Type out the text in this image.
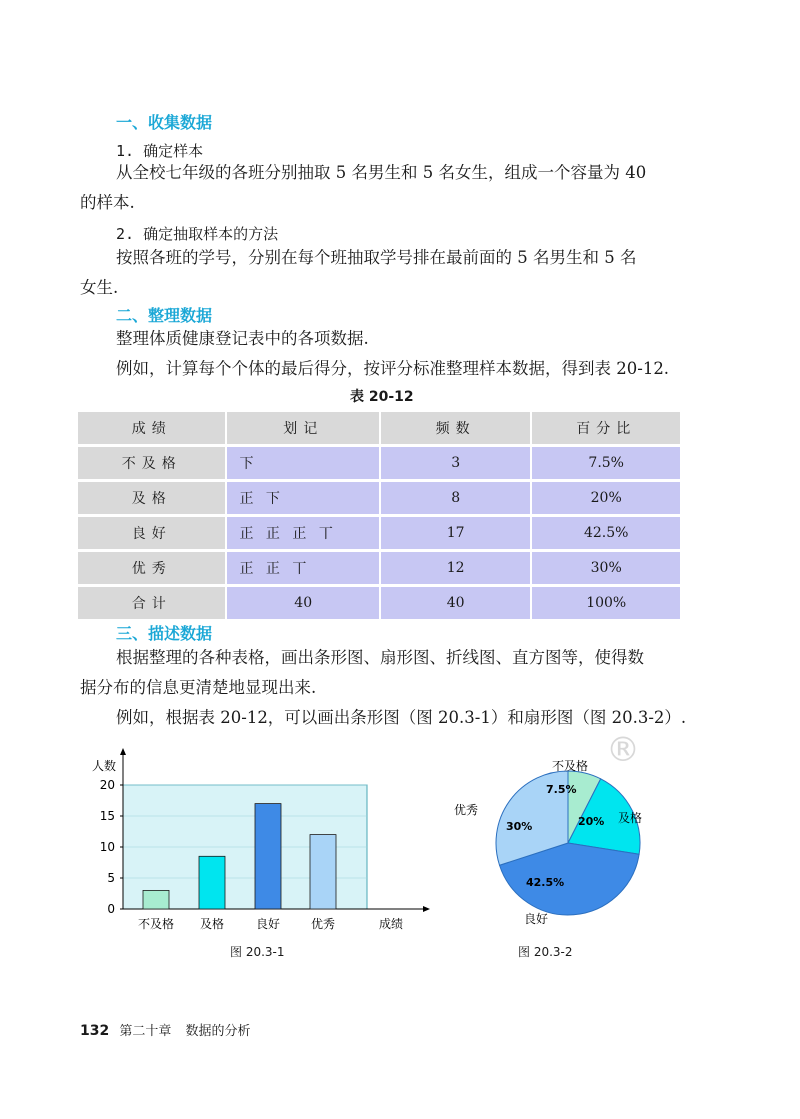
一、收集数据
1. 确定样本
从全校七年级的各班分别抽取 5 名男生和 5 名女生，组成一个容量为 40
的样本.
2. 确定抽取样本的方法
按照各班的学号，分别在每个班抽取学号排在最前面的 5 名男生和 5 名
女生.
二、整理数据
整理体质健康登记表中的各项数据.
例如，计算每个个体的最后得分，按评分标准整理样本数据，得到表 20-12.
表 20-12
成绩	划记	频数	百分比
不及格	下	3	7.5%
及格	正 下	8	20%
良好	正 正 正 丅	17	42.5%
优秀	正 正 丅	12	30%
合计	40	40	100%
三、描述数据
根据整理的各种表格，画出条形图、扇形图、折线图、直方图等，使得数
据分布的信息更清楚地显现出来.
例如，根据表 20-12，可以画出条形图（图 20.3-1）和扇形图（图 20.3-2）.
®
人数
成绩
0
5
10
15
20
不及格 及格	良好	优秀
图 20.3-1
不及格
及格
良好
优秀
7.5%
20%
42.5%
30%
图 20.3-2
132 第二十章 数据的分析
